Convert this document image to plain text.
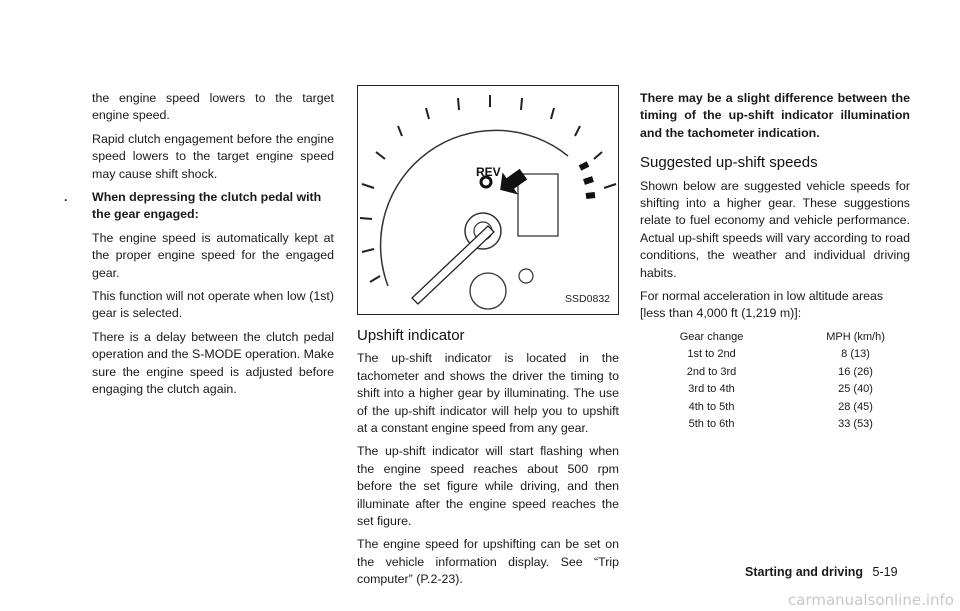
the engine speed lowers to the target engine speed.

Rapid clutch engagement before the engine speed lowers to the target engine speed may cause shift shock.

. When depressing the clutch pedal with the gear engaged:

The engine speed is automatically kept at the proper engine speed for the engaged gear.

This function will not operate when low (1st) gear is selected.

There is a delay between the clutch pedal operation and the S-MODE operation. Make sure the engine speed is adjusted before engaging the clutch again.

REV
SSD0832
Upshift indicator

The up-shift indicator is located in the tachometer and shows the driver the timing to shift into a higher gear by illuminating. The use of the up-shift indicator will help you to upshift at a constant engine speed from any gear.

The up-shift indicator will start flashing when the engine speed reaches about 500 rpm before the set figure while driving, and then illuminate after the engine speed reaches the set figure.

The engine speed for upshifting can be set on the vehicle information display. See “Trip computer” (P.2-23).

There may be a slight difference between the timing of the up-shift indicator illumination and the tachometer indication.

Suggested up-shift speeds

Shown below are suggested vehicle speeds for shifting into a higher gear. These suggestions relate to fuel economy and vehicle performance. Actual up-shift speeds will vary according to road conditions, the weather and individual driving habits.

For normal acceleration in low altitude areas [less than 4,000 ft (1,219 m)]:

Gear change	MPH (km/h)
1st to 2nd	8 (13)
2nd to 3rd	16 (26)
3rd to 4th	25 (40)
4th to 5th	28 (45)
5th to 6th	33 (53)
Starting and driving 5-19
carmanualsonline.info
